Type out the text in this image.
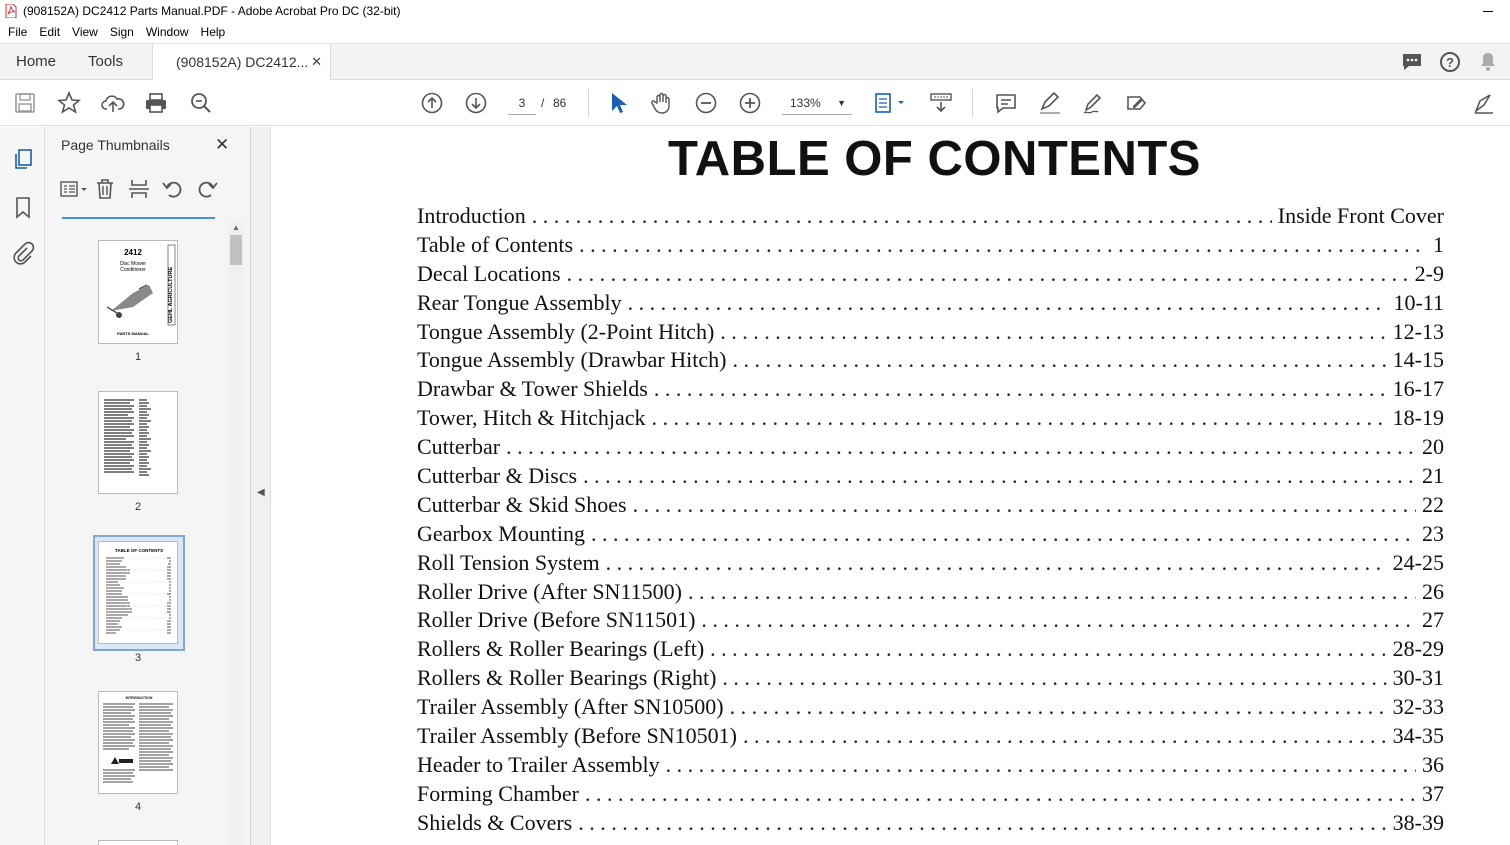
(908152A) DC2412 Parts Manual.PDF - Adobe Acrobat Pro DC (32-bit)
File	Edit	View	Sign	Window	Help
Home Tools	(908152A) DC2412... ✕	?
3	/ 86	133% ▼
Page Thumbnails	✕
▲
2412
Disc Mower
Conditioner
PARTS MANUAL
GEHL AGRICULTURE
1
2
TABLE OF CONTENTS
3
INTRODUCTION
4
◀
TABLE OF CONTENTS
Introduction . . .	Inside Front Cover
Table of Contents . . .	1
Decal Locations . . .	2-9
Rear Tongue Assembly . . .	10-11
Tongue Assembly (2-Point Hitch) . . .	12-13
Tongue Assembly (Drawbar Hitch) . . .	14-15
Drawbar & Tower Shields . . .	16-17
Tower, Hitch & Hitchjack . . .	18-19
Cutterbar . . .	20
Cutterbar & Discs . . .	21
Cutterbar & Skid Shoes . . .	22
Gearbox Mounting . . .	23
Roll Tension System . . .	24-25
Roller Drive (After SN11500) . . .	26
Roller Drive (Before SN11501) . . .	27
Rollers & Roller Bearings (Left) . . .	28-29
Rollers & Roller Bearings (Right) . . .	30-31
Trailer Assembly (After SN10500) . . .	32-33
Trailer Assembly (Before SN10501) . . .	34-35
Header to Trailer Assembly . . .	36
Forming Chamber . . .	37
Shields & Covers . . .	38-39
